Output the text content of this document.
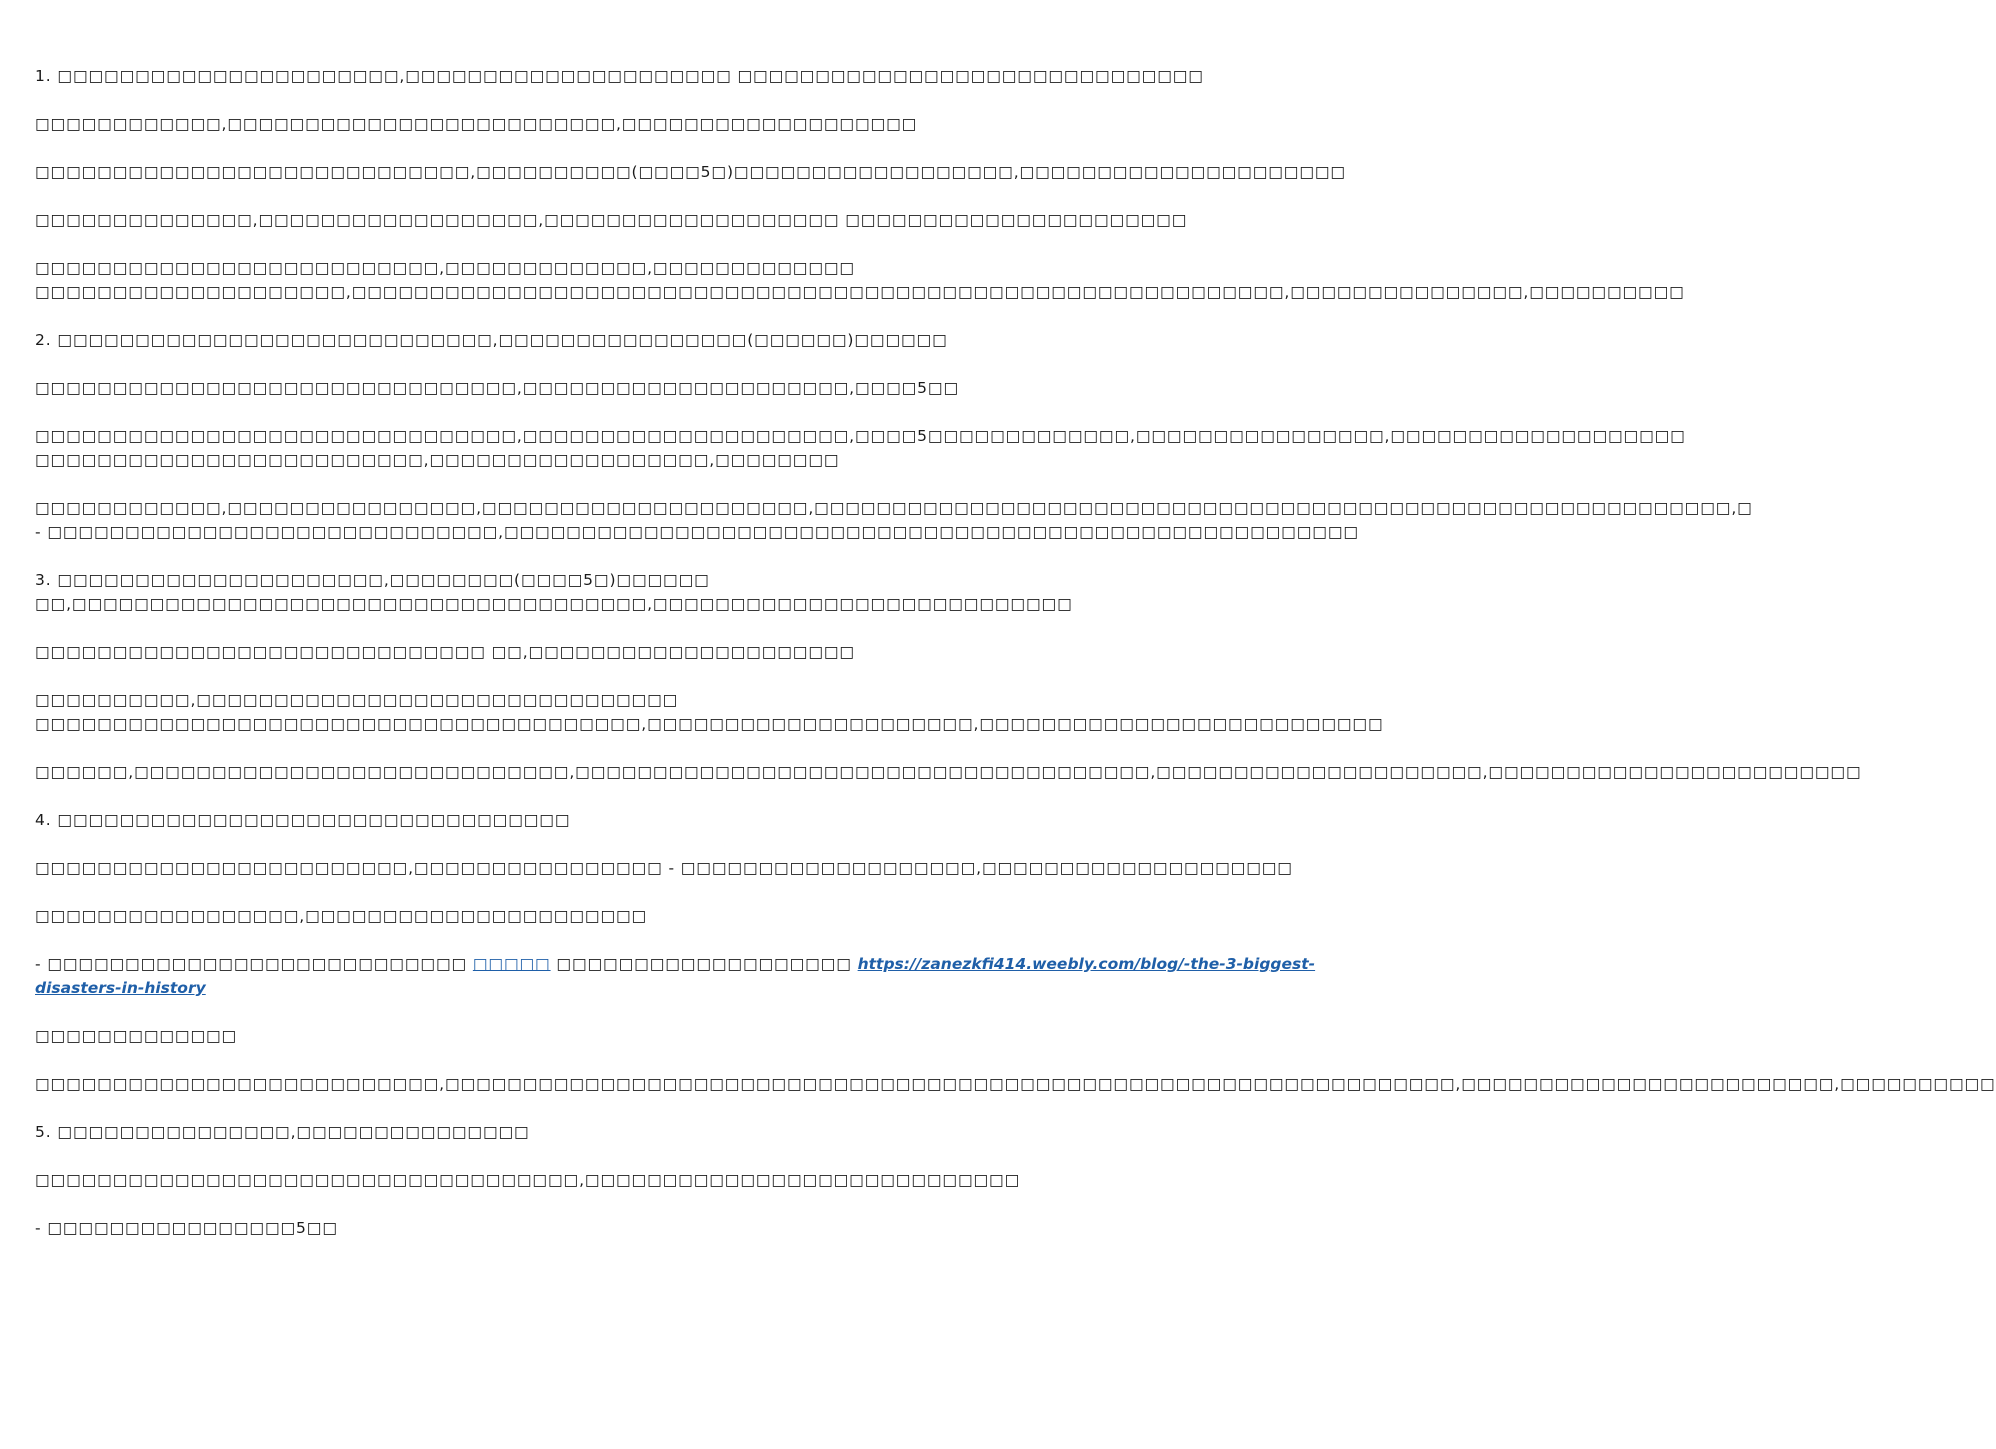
1. □□□□□□□□□□□□□□□□□□□□□□,□□□□□□□□□□□□□□□□□□□□□ □□□□□□□□□□□□□□□□□□□□□□□□□□□□□□

□□□□□□□□□□□□,□□□□□□□□□□□□□□□□□□□□□□□□□,□□□□□□□□□□□□□□□□□□□

□□□□□□□□□□□□□□□□□□□□□□□□□□□□,□□□□□□□□□□(□□□□5□)□□□□□□□□□□□□□□□□□□,□□□□□□□□□□□□□□□□□□□□□

□□□□□□□□□□□□□□,□□□□□□□□□□□□□□□□□□,□□□□□□□□□□□□□□□□□□□ □□□□□□□□□□□□□□□□□□□□□□

□□□□□□□□□□□□□□□□□□□□□□□□□□,□□□□□□□□□□□□□,□□□□□□□□□□□□□
□□□□□□□□□□□□□□□□□□□□,□□□□□□□□□□□□□□□□□□□□□□□□□□□□□□□□□□□□□□□□□□□□□□□□□□□□□□□□□□□□,□□□□□□□□□□□□□□□,□□□□□□□□□□

2. □□□□□□□□□□□□□□□□□□□□□□□□□□□□,□□□□□□□□□□□□□□□□(□□□□□□)□□□□□□

□□□□□□□□□□□□□□□□□□□□□□□□□□□□□□□,□□□□□□□□□□□□□□□□□□□□□,□□□□5□□

□□□□□□□□□□□□□□□□□□□□□□□□□□□□□□□,□□□□□□□□□□□□□□□□□□□□□,□□□□5□□□□□□□□□□□□□,□□□□□□□□□□□□□□□□,□□□□□□□□□□□□□□□□□□□
□□□□□□□□□□□□□□□□□□□□□□□□□,□□□□□□□□□□□□□□□□□□,□□□□□□□□

□□□□□□□□□□□□,□□□□□□□□□□□□□□□□,□□□□□□□□□□□□□□□□□□□□□,□□□□□□□□□□□□□□□□□□□□□□□□□□□□□□□□□□□□□□□□□□□□□□□□□□□□□□□□□□□,□
- □□□□□□□□□□□□□□□□□□□□□□□□□□□□□,□□□□□□□□□□□□□□□□□□□□□□□□□□□□□□□□□□□□□□□□□□□□□□□□□□□□□□□

3. □□□□□□□□□□□□□□□□□□□□□,□□□□□□□□(□□□□5□)□□□□□□
□□,□□□□□□□□□□□□□□□□□□□□□□□□□□□□□□□□□□□□□,□□□□□□□□□□□□□□□□□□□□□□□□□□□

□□□□□□□□□□□□□□□□□□□□□□□□□□□□□ □□,□□□□□□□□□□□□□□□□□□□□□

□□□□□□□□□□,□□□□□□□□□□□□□□□□□□□□□□□□□□□□□□□
□□□□□□□□□□□□□□□□□□□□□□□□□□□□□□□□□□□□□□□,□□□□□□□□□□□□□□□□□□□□□,□□□□□□□□□□□□□□□□□□□□□□□□□□

□□□□□□,□□□□□□□□□□□□□□□□□□□□□□□□□□□□,□□□□□□□□□□□□□□□□□□□□□□□□□□□□□□□□□□□□□,□□□□□□□□□□□□□□□□□□□□□,□□□□□□□□□□□□□□□□□□□□□□□□

4. □□□□□□□□□□□□□□□□□□□□□□□□□□□□□□□□□

□□□□□□□□□□□□□□□□□□□□□□□□,□□□□□□□□□□□□□□□□ - □□□□□□□□□□□□□□□□□□□,□□□□□□□□□□□□□□□□□□□□

□□□□□□□□□□□□□□□□□,□□□□□□□□□□□□□□□□□□□□□□

- □□□□□□□□□□□□□□□□□□□□□□□□□□□ □□□□□ □□□□□□□□□□□□□□□□□□□ https://zanezkfi414.weebly.com/blog/-the-3-biggest-
disasters-in-history

□□□□□□□□□□□□□

□□□□□□□□□□□□□□□□□□□□□□□□□□,□□□□□□□□□□□□□□□□□□□□□□□□□□□□□□□□□□□□□□□□□□□□□□□□□□□□□□□□□□□□□□□□□,□□□□□□□□□□□□□□□□□□□□□□□□,□□□□□□□□□□

5. □□□□□□□□□□□□□□□,□□□□□□□□□□□□□□□

□□□□□□□□□□□□□□□□□□□□□□□□□□□□□□□□□□□,□□□□□□□□□□□□□□□□□□□□□□□□□□□□

- □□□□□□□□□□□□□□□□5□□
